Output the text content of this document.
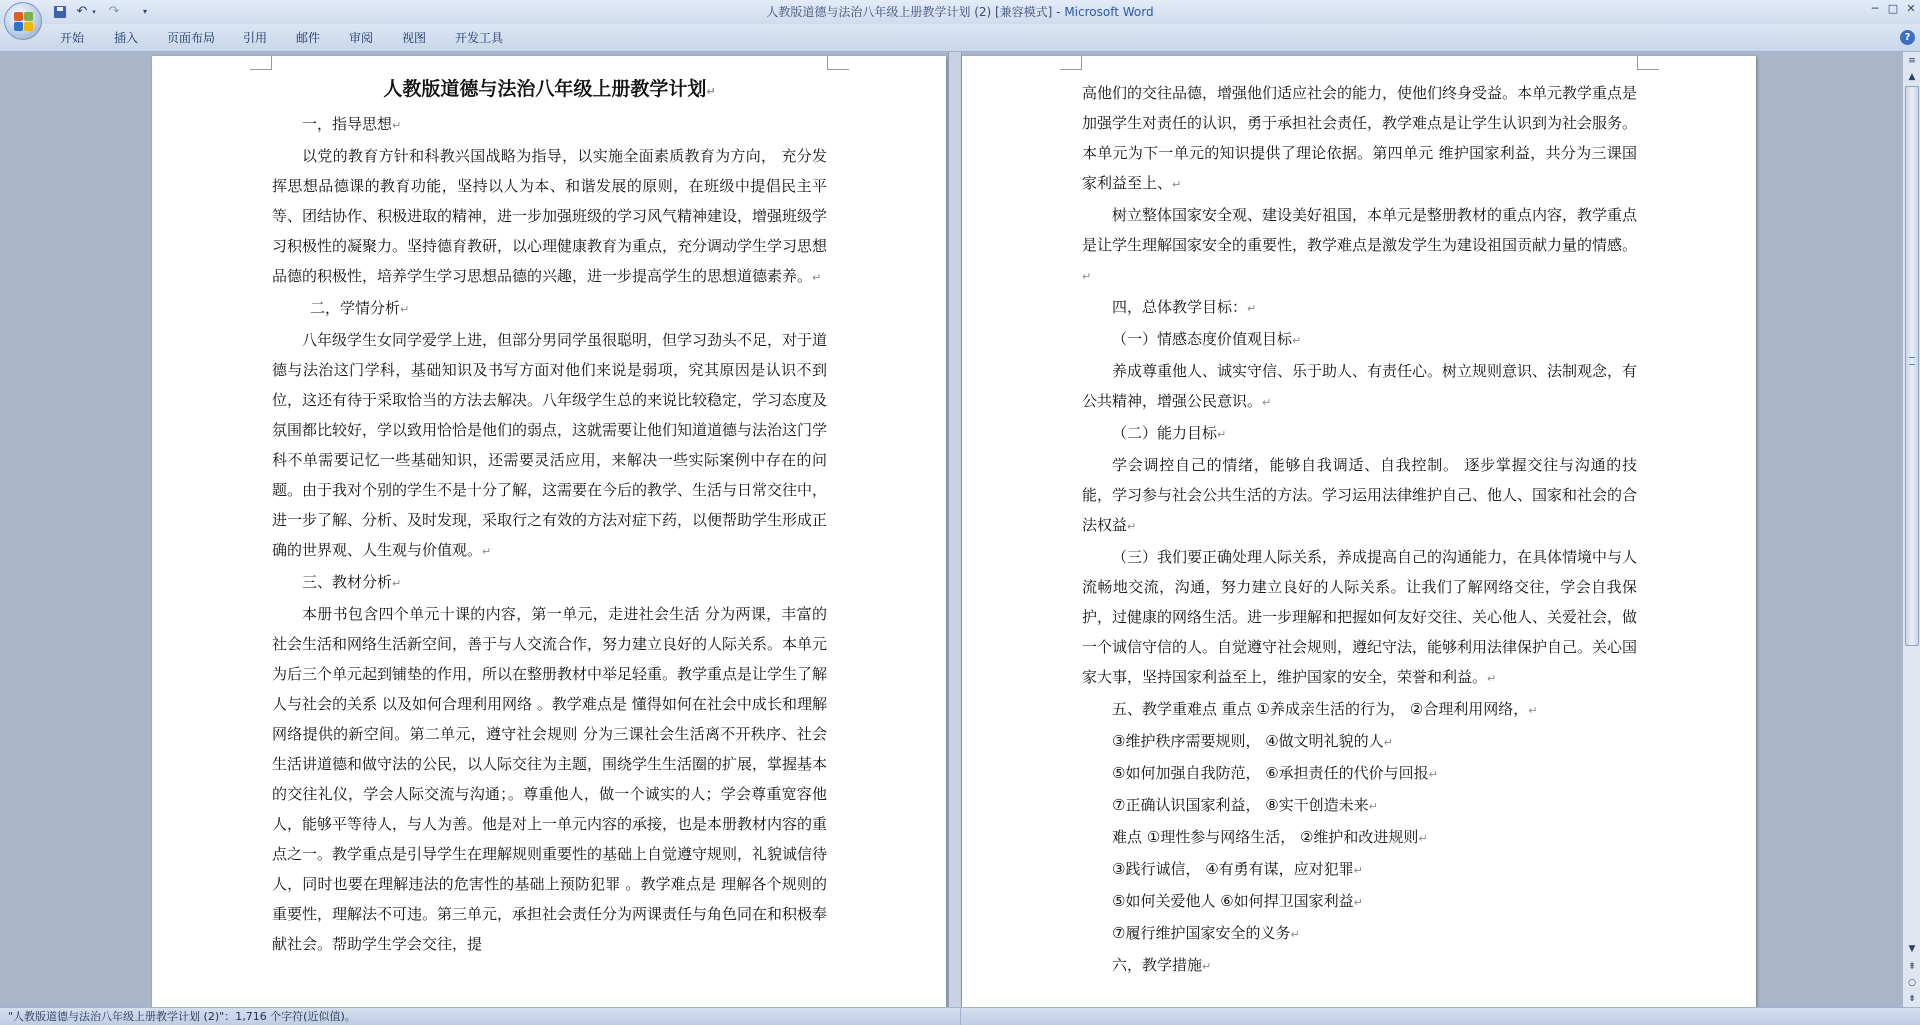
↶ ▾ ↷	▾	人教版道德与法治八年级上册教学计划 (2) [兼容模式] - Microsoft Word	─ □ ✕
开始 插入 页面布局 引用 邮件 审阅 视图 开发工具	?

人教版道德与法治八年级上册教学计划↵

一，指导思想↵

以党的教育方针和科教兴国战略为指导，以实施全面素质教育为方向， 充分发挥思想品德课的教育功能，坚持以人为本、和谐发展的原则，在班级中提倡民主平等、团结协作、积极进取的精神，进一步加强班级的学习风气精神建设，增强班级学习积极性的凝聚力。坚持德育教研，以心理健康教育为重点，充分调动学生学习思想品德的积极性，培养学生学习思想品德的兴趣，进一步提高学生的思想道德素养。↵

二，学情分析↵

八年级学生女同学爱学上进，但部分男同学虽很聪明，但学习劲头不足，对于道德与法治这门学科，基础知识及书写方面对他们来说是弱项，究其原因是认识不到位，这还有待于采取恰当的方法去解决。八年级学生总的来说比较稳定，学习态度及氛围都比较好，学以致用恰恰是他们的弱点，这就需要让他们知道道德与法治这门学科不单需要记忆一些基础知识，还需要灵活应用，来解决一些实际案例中存在的问题。由于我对个别的学生不是十分了解，这需要在今后的教学、生活与日常交往中，进一步了解、分析、及时发现，采取行之有效的方法对症下药，以便帮助学生形成正确的世界观、人生观与价值观。↵

三、教材分析↵

本册书包含四个单元十课的内容，第一单元，走进社会生活 分为两课，丰富的社会生活和网络生活新空间，善于与人交流合作，努力建立良好的人际关系。本单元为后三个单元起到铺垫的作用，所以在整册教材中举足轻重。教学重点是让学生了解人与社会的关系 以及如何合理利用网络 。教学难点是 懂得如何在社会中成长和理解网络提供的新空间。第二单元，遵守社会规则 分为三课社会生活离不开秩序、社会生活讲道德和做守法的公民，以人际交往为主题，围绕学生生活圈的扩展，掌握基本的交往礼仪，学会人际交流与沟通；。尊重他人，做一个诚实的人；学会尊重宽容他人，能够平等待人，与人为善。他是对上一单元内容的承接，也是本册教材内容的重点之一。教学重点是引导学生在理解规则重要性的基础上自觉遵守规则，礼貌诚信待人，同时也要在理解违法的危害性的基础上预防犯罪 。教学难点是 理解各个规则的重要性，理解法不可违。第三单元，承担社会责任分为两课责任与角色同在和积极奉献社会。帮助学生学会交往，提

高他们的交往品德，增强他们适应社会的能力，使他们终身受益。本单元教学重点是加强学生对责任的认识，勇于承担社会责任，教学难点是让学生认识到为社会服务。本单元为下一单元的知识提供了理论依据。第四单元 维护国家利益，共分为三课国家利益至上、↵

树立整体国家安全观、建设美好祖国，本单元是整册教材的重点内容，教学重点是让学生理解国家安全的重要性，教学难点是激发学生为建设祖国贡献力量的情感。↵

四，总体教学目标：↵

（一）情感态度价值观目标↵

养成尊重他人、诚实守信、乐于助人、有责任心。树立规则意识、法制观念，有公共精神，增强公民意识。↵

（二）能力目标↵

学会调控自己的情绪，能够自我调适、自我控制。 逐步掌握交往与沟通的技能，学习参与社会公共生活的方法。学习运用法律维护自己、他人、国家和社会的合法权益↵

（三）我们要正确处理人际关系，养成提高自己的沟通能力，在具体情境中与人流畅地交流，沟通，努力建立良好的人际关系。让我们了解网络交往，学会自我保护，过健康的网络生活。进一步理解和把握如何友好交往、关心他人、关爱社会，做一个诚信守信的人。自觉遵守社会规则，遵纪守法，能够利用法律保护自己。关心国家大事，坚持国家利益至上，维护国家的安全，荣誉和利益。↵

五、教学重难点 重点 ①养成亲生活的行为， ②合理利用网络，↵

③维护秩序需要规则， ④做文明礼貌的人↵

⑤如何加强自我防范， ⑥承担责任的代价与回报↵

⑦正确认识国家利益， ⑧实干创造未来↵

难点 ①理性参与网络生活， ②维护和改进规则↵

③践行诚信， ④有勇有谋，应对犯罪↵

⑤如何关爱他人 ⑥如何捍卫国家利益↵

⑦履行维护国家安全的义务↵

六，教学措施↵

≡
▲
▼
⇞
○
⇟
"人教版道德与法治八年级上册教学计划 (2)"：1,716 个字符(近似值)。
